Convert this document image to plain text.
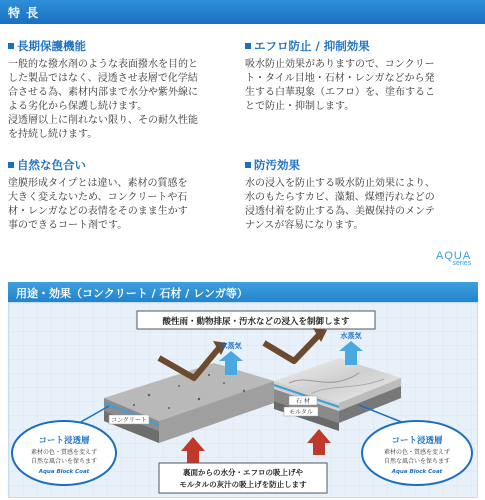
特 長
長期保護機能
一般的な撥水剤のような表面撥水を目的と
した製品ではなく、浸透させ表層で化学結
合させる為、素材内部まで水分や紫外線に
よる劣化から保護し続けます。
浸透層以上に削れない限り、その耐久性能
を持続し続けます。
エフロ防止 / 抑制効果
吸水防止効果がありますので、コンクリー
ト・タイル目地・石材・レンガなどから発
生する白華現象（エフロ）を、塗布するこ
とで防止・抑制します。
自然な色合い
塗膜形成タイプとは違い、素材の質感を
大きく変えないため、コンクリートや石
材・レンガなどの表情をそのまま生かす
事のできるコート剤です。
防汚効果
水の浸入を防止する吸水防止効果により、
水のもたらすカビ、藻類、煤煙汚れなどの
浸透付着を防止する為、美観保持のメンテ
ナンスが容易になります。
AQUA
series
用途・効果（コンクリート / 石材 / レンガ等）
コンクリート
石 材
モルタル
酸性雨・動物排尿・汚水などの浸入を制御します
水蒸気
水蒸気
コート浸透層
素材の色・質感を変えず
自然な風合いを保ちます
Aqua Block Coat
コート浸透層
素材の色・質感を変えず
自然な風合いを保ちます
Aqua Block Coat
裏面からの水分・エフロの吸上げや
モルタルの灰汁の吸上げを防止します
